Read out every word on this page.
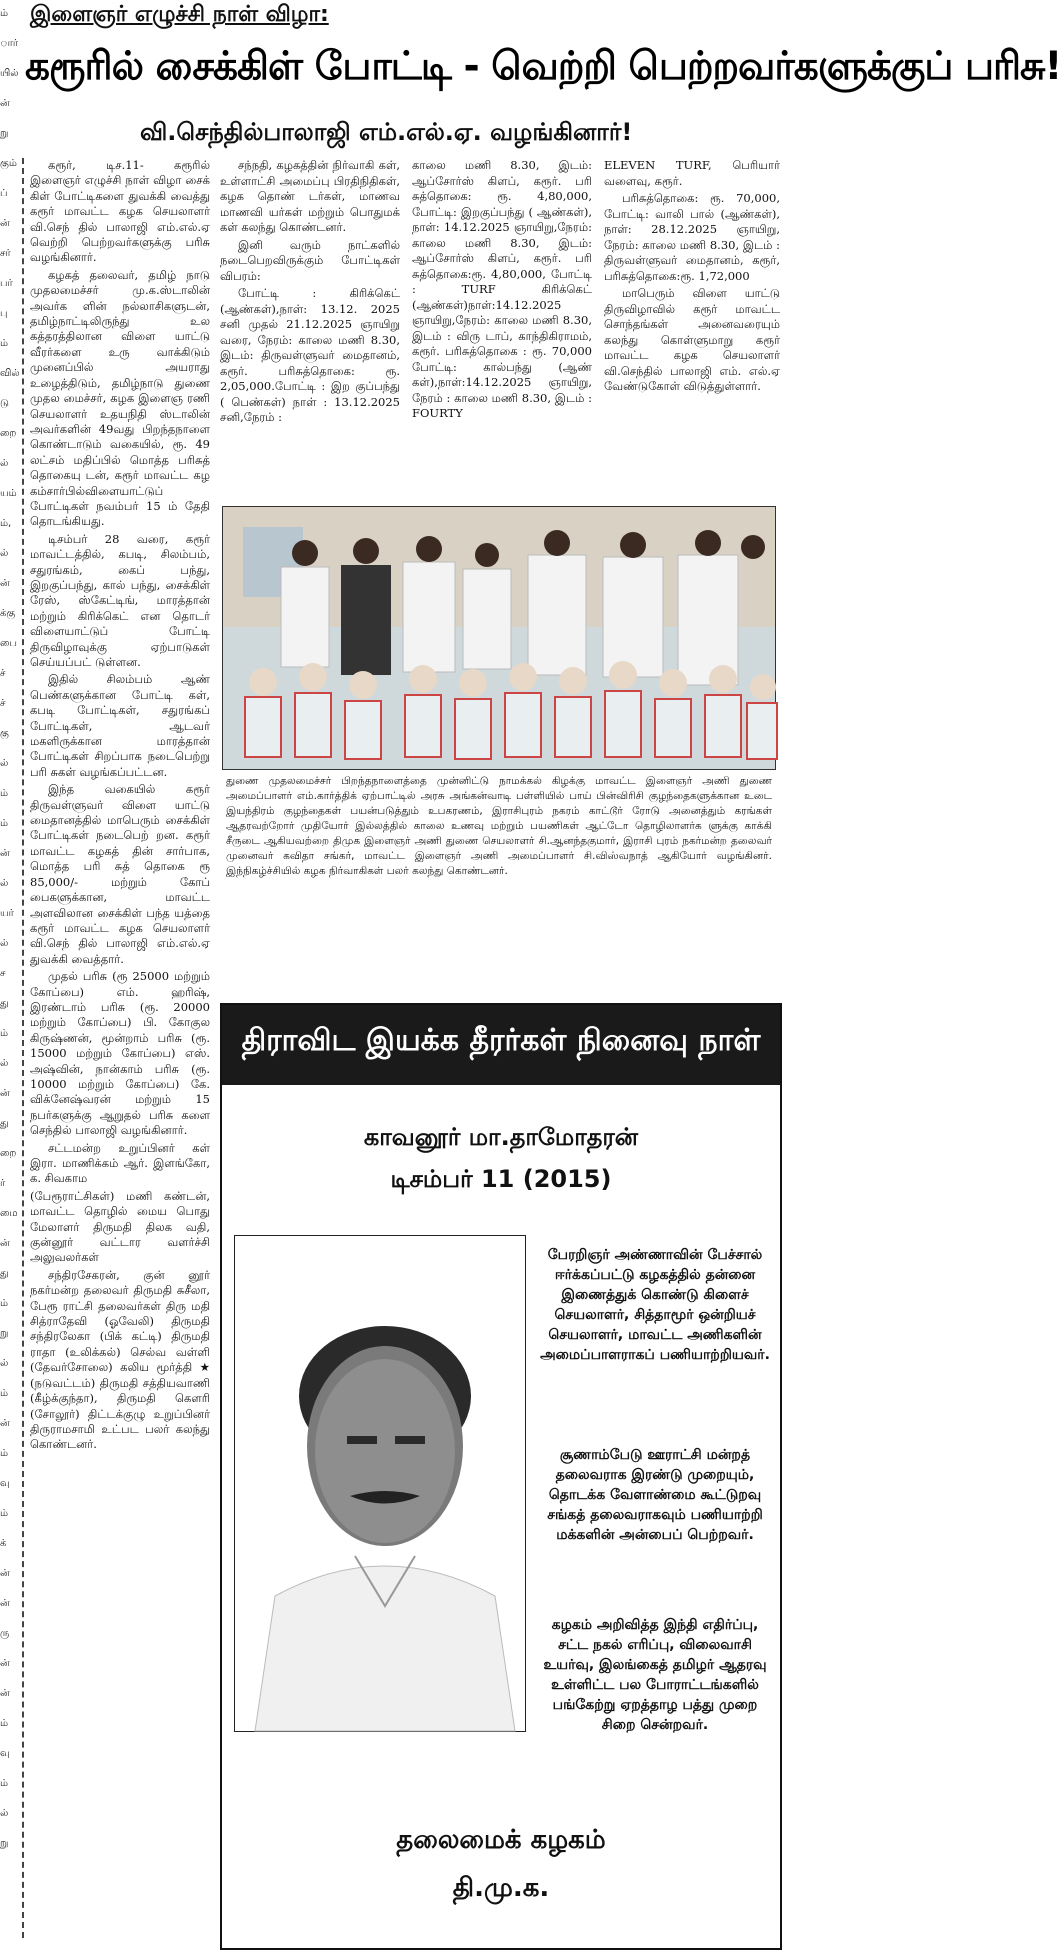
ம்
ார்
யில்
ன்
று
கும்
ப்
ன்
சர்
பர்
பு
ம்
வில்
டு
றை
ல்
யம்
ம்,
ல்
ன்
க்கு
பை
ச்
ச்
கு
ல்
ம்
ம்
ன்
ல்
யர்
ல்
ச
து
ம்
ல்
ன்
து
றை
ர்
மை
ன்
து
ம்
று
ல்
ம்
ன்
ம்
வு
ம்
க்
ன்
ன்
ரு
ன்
ன்
ம்
வு
ம்
ல்
று
இளைஞர் எழுச்சி நாள் விழா:
கரூரில் சைக்கிள் போட்டி - வெற்றி பெற்றவர்களுக்குப் பரிசு!
வி.செந்தில்பாலாஜி எம்.எல்.ஏ. வழங்கினார்!

கரூர், டிச.11- கரூரில் இளைஞர் எழுச்சி நாள் விழா சைக் கிள் போட்டிகளை துவக்கி வைத்து கரூர் மாவட்ட கழக செயலாளர் வி.செந் தில் பாலாஜி எம்.எல்.ஏ வெற்றி பெற்றவர்களுக்கு பரிசு வழங்கினார்.

கழகத் தலைவர், தமிழ் நாடு முதலமைச்சர் மு.க.ஸ்டாலின் அவர்க ளின் நல்லாசிகளுடன், தமிழ்நாட்டிலிருந்து உல கத்தரத்திலான விளை யாட்டு வீரர்களை உரு வாக்கிடும் முனைப்பில் அயராது உழைத்திடும், தமிழ்நாடு துணை முதல மைச்சர், கழக இளைஞ ரணி செயலாளர் உதயநிதி ஸ்டாலின் அவர்களின் 49வது பிறந்தநாளை கொண்டாடும் வகையில், ரூ. 49 லட்சம் மதிப்பில் மொத்த பரிசுத் தொகையு டன், கரூர் மாவட்ட கழ கம்சார்பில்விளையாட்டுப் போட்டிகள் நவம்பர் 15 ம் தேதி தொடங்கியது.

டிசம்பர் 28 வரை, கரூர் மாவட்டத்தில், கபடி, சிலம்பம், சதுரங்கம், கைப் பந்து, இறகுப்பந்து, கால் பந்து, சைக்கிள் ரேஸ், ஸ்கேட்டிங், மாரத்தான் மற்றும் கிரிக்கெட் என தொடர் விளையாட்டுப் போட்டி திருவிழாவுக்கு ஏற்பாடுகள் செய்யப்பட் டுள்ளன.

இதில் சிலம்பம் ஆண் பெண்களுக்கான போட்டி கள், கபடி போட்டிகள், சதுரங்கப் போட்டிகள், ஆடவர் மகளிருக்கான மாரத்தான் போட்டிகள் சிறப்பாக நடைபெற்று பரி சுகள் வழங்கப்பட்டன.

இந்த வகையில் கரூர் திருவள்ளுவர் விளை யாட்டு மைதானத்தில் மாபெரும் சைக்கிள் போட்டிகள் நடைபெற் றன. கரூர் மாவட்ட கழகத் தின் சார்பாக, மொத்த பரி சுத் தொகை ரூ 85,000/- மற்றும் கோப் பைகளுக்கான, மாவட்ட அளவிலான சைக்கிள் பந்த யத்தை கரூர் மாவட்ட கழக செயலாளர் வி.செந் தில் பாலாஜி எம்.எல்.ஏ துவக்கி வைத்தார்.

முதல் பரிசு (ரூ 25000 மற்றும் கோப்பை) எம். ஹரிஷ், இரண்டாம் பரிசு (ரூ. 20000 மற்றும் கோப்பை) பி. கோகுல கிருஷ்ணன், மூன்றாம் பரிசு (ரூ. 15000 மற்றும் கோப்பை) எஸ். அஷ்வின், நான்காம் பரிசு (ரூ. 10000 மற்றும் கோப்பை) கே. விக்னேஷ்வரன் மற்றும் 15 நபர்களுக்கு ஆறுதல் பரிசு களை செந்தில் பாலாஜி வழங்கினார்.

சட்டமன்ற உறுப்பினர் கள் இரா. மாணிக்கம் ஆர். இளங்கோ, க. சிவகாம

(பேரூராட்சிகள்) மணி கண்டன், மாவட்ட தொழில் மைய பொது மேலாளர் திருமதி திலக வதி, குன்னூர் வட்டார வளர்ச்சி அலுவலர்கள்

சந்திரசேகரன், குன் னூர் நகர்மன்ற தலைவர் திருமதி சுசீலா, பேரூ ராட்சி தலைவர்கள் திரு மதி சித்ராதேவி (ஓவேலி) திருமதி சந்திரலேகா (பிக் கட்டி) திருமதி ராதா (உலிக்கல்) செல்வ வள்ளி (தேவர்சோலை) கலிய மூர்த்தி ★ (நடுவட்டம்) திருமதி சத்தியவாணி (கீழ்க்குந்தா), திருமதி கௌரி (சோலூர்) திட்டக்குழு உறுப்பினர் திருராமசாமி உட்பட பலர் கலந்து கொண்டனர்.

சந்நதி, கழகத்தின் நிர்வாகி கள், உள்ளாட்சி அமைப்பு பிரதிநிதிகள், கழக தொண் டர்கள், மாணவ மாணவி யர்கள் மற்றும் பொதுமக் கள் கலந்து கொண்டனர்.

இனி வரும் நாட்களில் நடைபெறவிருக்கும் போட்டிகள் விபரம்:

போட்டி : கிரிக்கெட் (ஆண்கள்),நாள்: 13.12. 2025 சனி முதல் 21.12.2025 ஞாயிறு வரை, நேரம்: காலை மணி 8.30, இடம்: திருவள்ளுவர் மைதானம், கரூர். பரிசுத்தொகை: ரூ. 2,05,000.போட்டி : இற குப்பந்து ( பெண்கள்) நாள் : 13.12.2025 சனி,நேரம் :

காலை மணி 8.30, இடம்: ஆப்சோர்ஸ் கிளப், கரூர். பரி சுத்தொகை: ரூ. 4,80,000, போட்டி: இறகுப்பந்து ( ஆண்கள்), நாள்: 14.12.2025 ஞாயிறு,நேரம்: காலை மணி 8.30, இடம்: ஆப்சோர்ஸ் கிளப், கரூர். பரி சுத்தொகை:ரூ. 4,80,000, போட்டி : TURF கிரிக்கெட் (ஆண்கள்)நாள்:14.12.2025 ஞாயிறு,நேரம்: காலை மணி 8.30, இடம் : விரு டாப், காந்திகிராமம், கரூர். பரிசுத்தொகை : ரூ. 70,000 போட்டி: கால்பந்து (ஆண் கள்),நாள்:14.12.2025 ஞாயிறு, நேரம் : காலை மணி 8.30, இடம் : FOURTY

ELEVEN TURF, பெரியார் வளைவு, கரூர்.

பரிசுத்தொகை: ரூ. 70,000, போட்டி: வாலி பால் (ஆண்கள்), நாள்: 28.12.2025 ஞாயிறு, நேரம்: காலை மணி 8.30, இடம் : திருவள்ளுவர் மைதானம், கரூர், பரிசுத்தொகை:ரூ. 1,72,000

மாபெரும் விளை யாட்டு திருவிழாவில் கரூர் மாவட்ட சொந்தங்கள் அனைவரையும் கலந்து கொள்ளுமாறு கரூர் மாவட்ட கழக செயலாளர் வி.செந்தில் பாலாஜி எம். எல்.ஏ வேண்டுகோள் விடுத்துள்ளார்.

துணை முதலமைச்சர் பிறந்தநாளைத்தை முன்னிட்டு நாமக்கல் கிழக்கு மாவட்ட இளைஞர் அணி துணை அமைப்பாளர் எம்.கார்த்திக் ஏற்பாட்டில் அரசு அங்கன்வாடி பள்ளியில் பாய் பின்விரிசி குழந்தைகளுக்கான உடை இயந்திரம் குழந்தைகள் பயன்படுத்தும் உபகரணம், இராசிபுரம் நகரம் காட்டூர் ரோடு அனைத்தும் கரங்கள் ஆதரவற்றோர் முதியோர் இல்லத்தில் காலை உணவு மற்றும் பயணிகள் ஆட்டோ தொழிலாளர்க ளுக்கு காக்கி சீருடை ஆகியவற்றை திமுக இளைஞர் அணி துணை செயலாளர் சி.ஆனந்தகுமார், இராசி புரம் நகர்மன்ற தலைவர் முனைவர் கவிதா சங்கர், மாவட்ட இளைஞர் அணி அமைப்பாளர் சி.விஸ்வநாத் ஆகியோர் வழங்கினர். இந்நிகழ்ச்சியில் கழக நிர்வாகிகள் பலர் கலந்து கொண்டனர்.
திராவிட இயக்க தீரர்கள் நினைவு நாள்
காவனூர் மா.தாமோதரன்
டிசம்பர் 11 (2015)
பேரறிஞர் அண்ணாவின் பேச்சால் ஈர்க்கப்பட்டு கழகத்தில் தன்னை இணைத்துக் கொண்டு கிளைச் செயலாளர், சித்தாமூர் ஒன்றியச் செயலாளர், மாவட்ட அணிகளின் அமைப்பாளராகப் பணியாற்றியவர்.
சூணாம்பேடு ஊராட்சி மன்றத் தலைவராக இரண்டு முறையும், தொடக்க வேளாண்மை கூட்டுறவு சங்கத் தலைவராகவும் பணியாற்றி மக்களின் அன்பைப் பெற்றவர்.
கழகம் அறிவித்த இந்தி எதிர்ப்பு, சட்ட நகல் எரிப்பு, விலைவாசி உயர்வு, இலங்கைத் தமிழர் ஆதரவு உள்ளிட்ட பல போராட்டங்களில் பங்கேற்று ஏறத்தாழ பத்து முறை சிறை சென்றவர்.
தலைமைக் கழகம்
தி.மு.க.
